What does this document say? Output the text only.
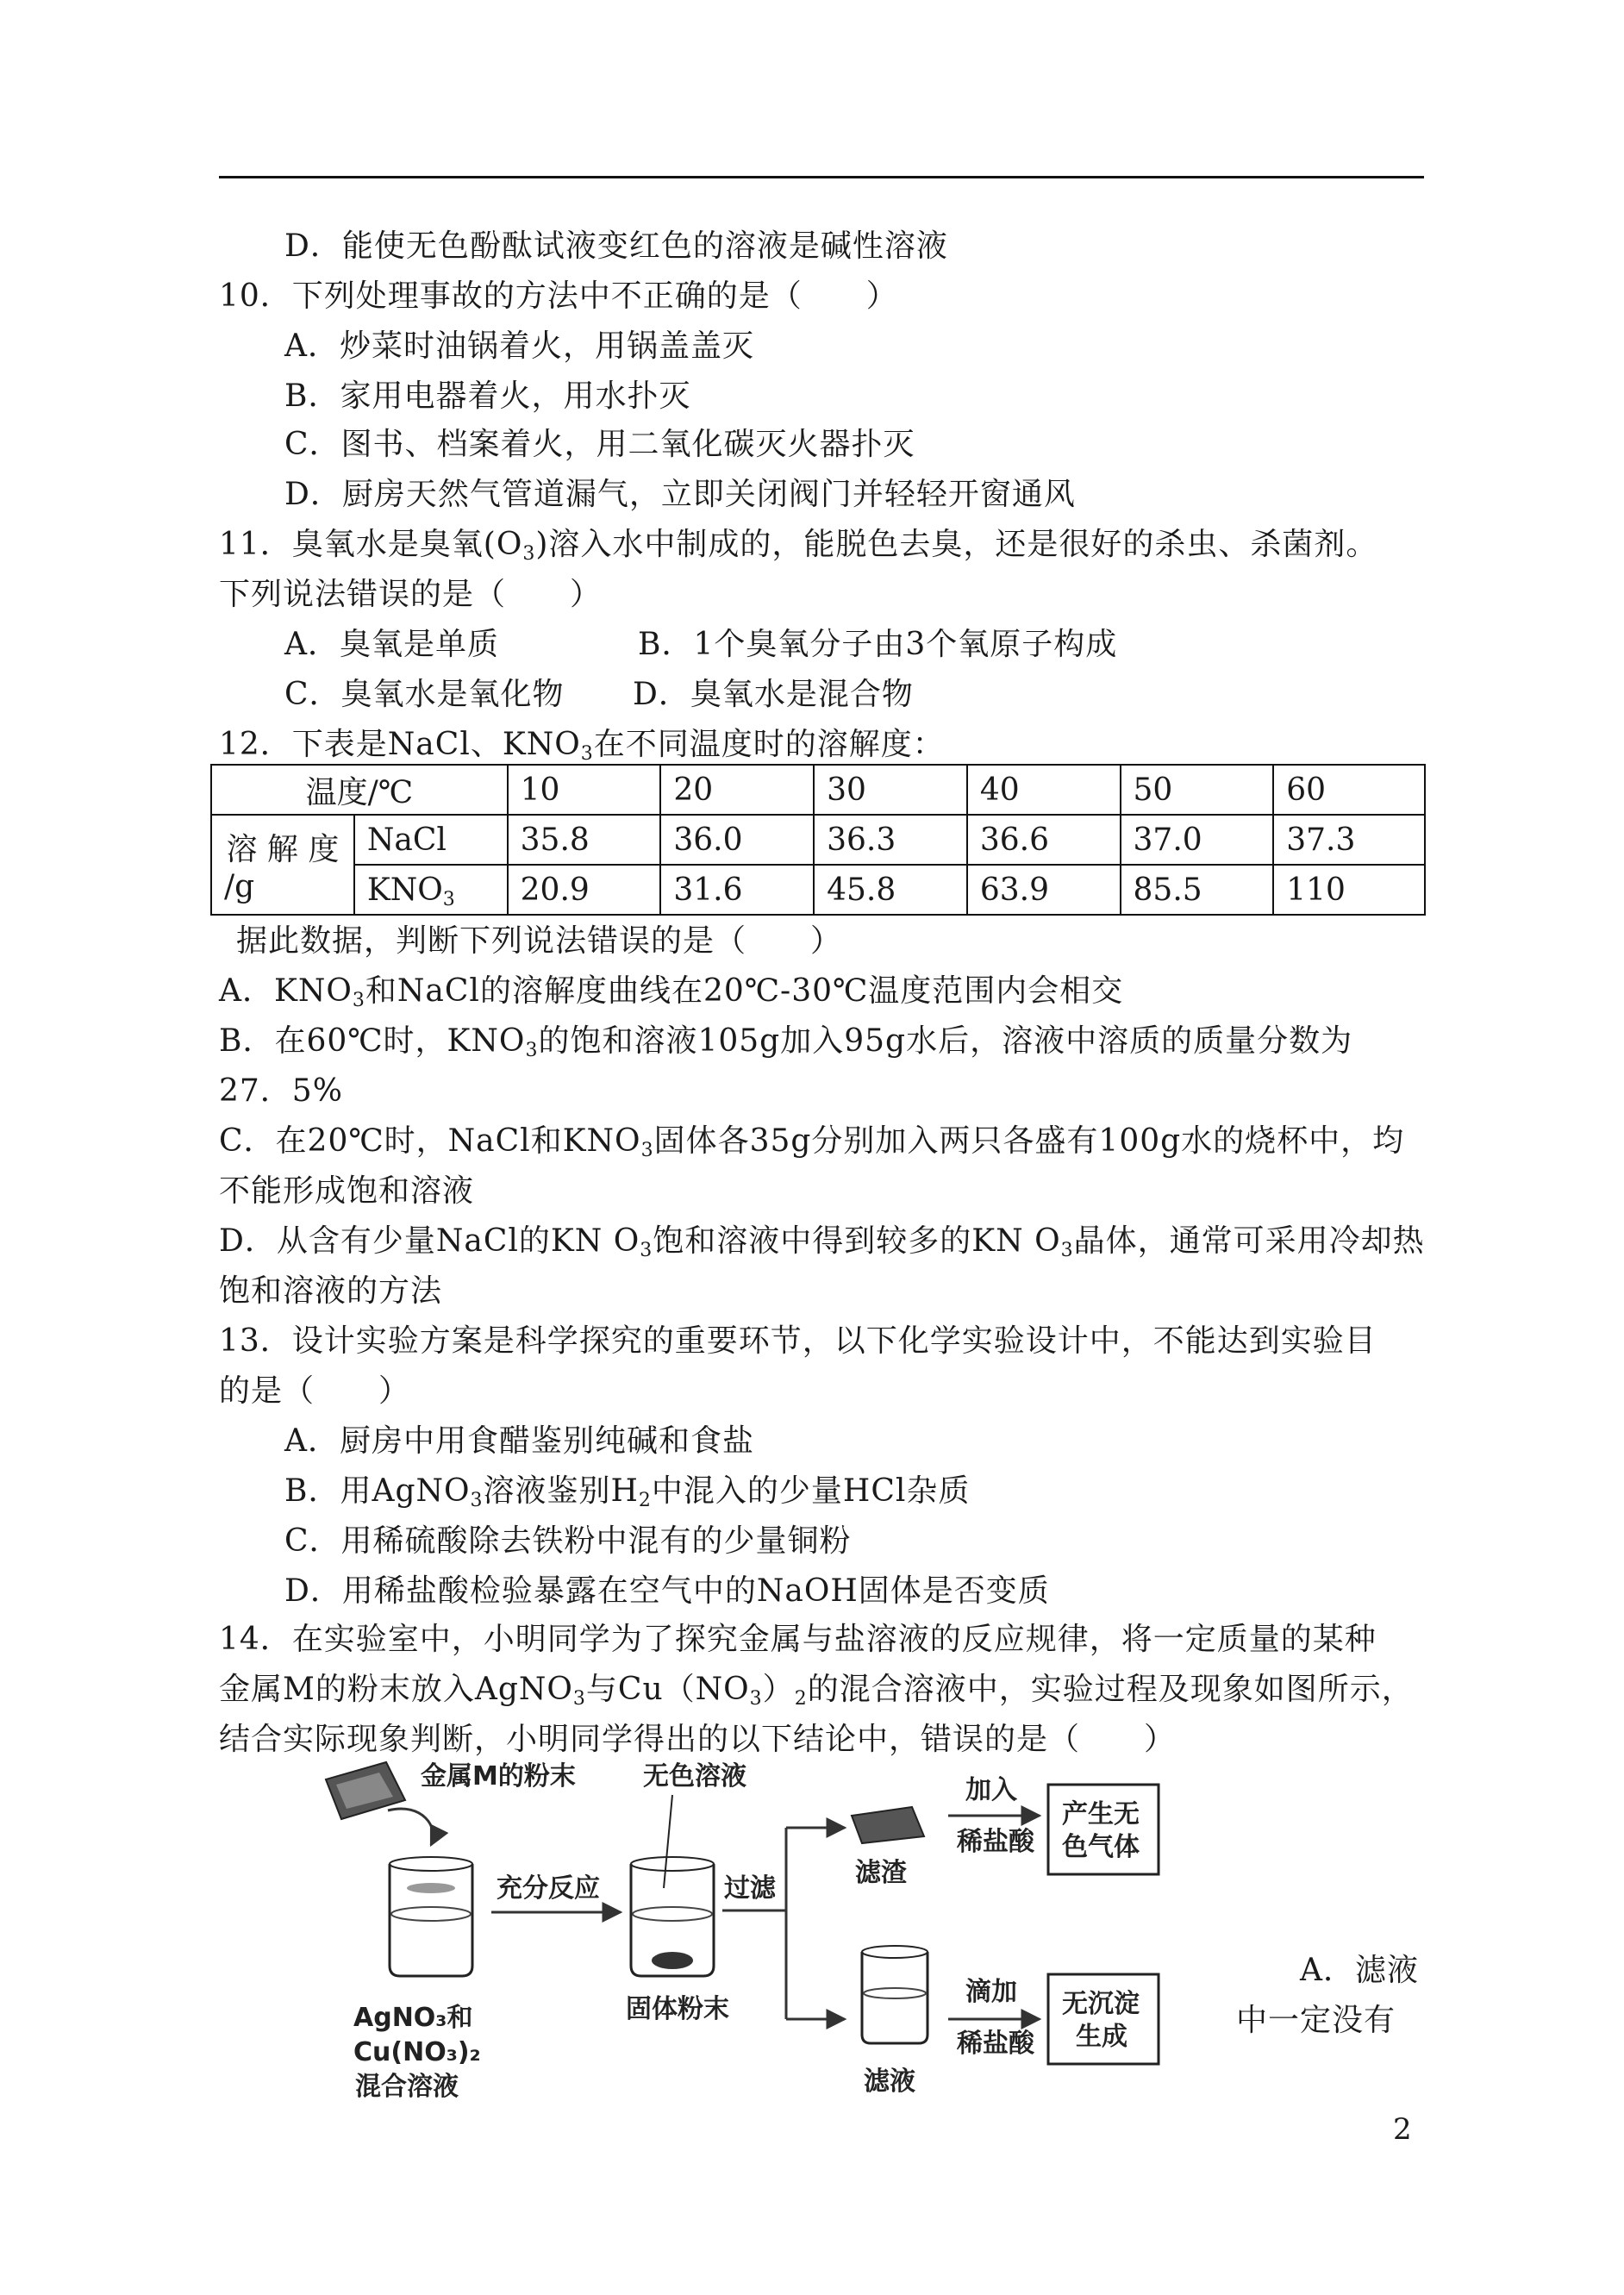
D．能使无色酚酞试液变红色的溶液是碱性溶液
10．下列处理事故的方法中不正确的是（　　）
A．炒菜时油锅着火，用锅盖盖灭
B．家用电器着火，用水扑灭
C．图书、档案着火，用二氧化碳灭火器扑灭
D．厨房天然气管道漏气，立即关闭阀门并轻轻开窗通风
11．臭氧水是臭氧$(O_3)$溶入水中制成的，能脱色去臭，还是很好的杀虫、杀菌剂。
下列说法错误的是（　　）
A．臭氧是单质	B．1个臭氧分子由3个氧原子构成
C．臭氧水是氧化物 D．臭氧水是混合物
12．下表是NaCl、$KNO_3$在不同温度时的溶解度：
温度/℃		10	20	30	40	50	60

溶 解 度
/g	NaCl	35.8	36.0	36.3	36.6	37.0	37.3
	$KNO_3$	20.9	31.6	45.8	63.9	85.5	110
据此数据，判断下列说法错误的是（　　）
A．$KNO_3$和NaCl的溶解度曲线在20℃-30℃温度范围内会相交
B．在60℃时，$KNO_3$的饱和溶液105g加入95g水后，溶液中溶质的质量分数为
27．5%
C．在20℃时，NaCl和$KNO_3$固体各35g分别加入两只各盛有100g水的烧杯中，均
不能形成饱和溶液
D．从含有少量NaCl的KN $O_3$饱和溶液中得到较多的KN $O_3$晶体，通常可采用冷却热
饱和溶液的方法
13．设计实验方案是科学探究的重要环节，以下化学实验设计中，不能达到实验目
的是（　　）
A．厨房中用食醋鉴别纯碱和食盐
B．用AgNO$_3$溶液鉴别$H_2$中混入的少量HCl杂质
C．用稀硫酸除去铁粉中混有的少量铜粉
D．用稀盐酸检验暴露在空气中的NaOH固体是否变质
14．在实验室中，小明同学为了探究金属与盐溶液的反应规律，将一定质量的某种
金属M的粉末放入AgNO$_3$与$Cu(NO_3)_2$的混合溶液中，实验过程及现象如图所示，
结合实际现象判断，小明同学得出的以下结论中，错误的是（　　）
金属M的粉末
AgNO₃和
Cu(NO₃)₂
混合溶液
充分反应
无色溶液
固体粉末
过滤
滤渣
加入
稀盐酸
产生无
色气体
滤液
滴加
稀盐酸
无沉淀
生成
A．滤液
中一定没有
2
